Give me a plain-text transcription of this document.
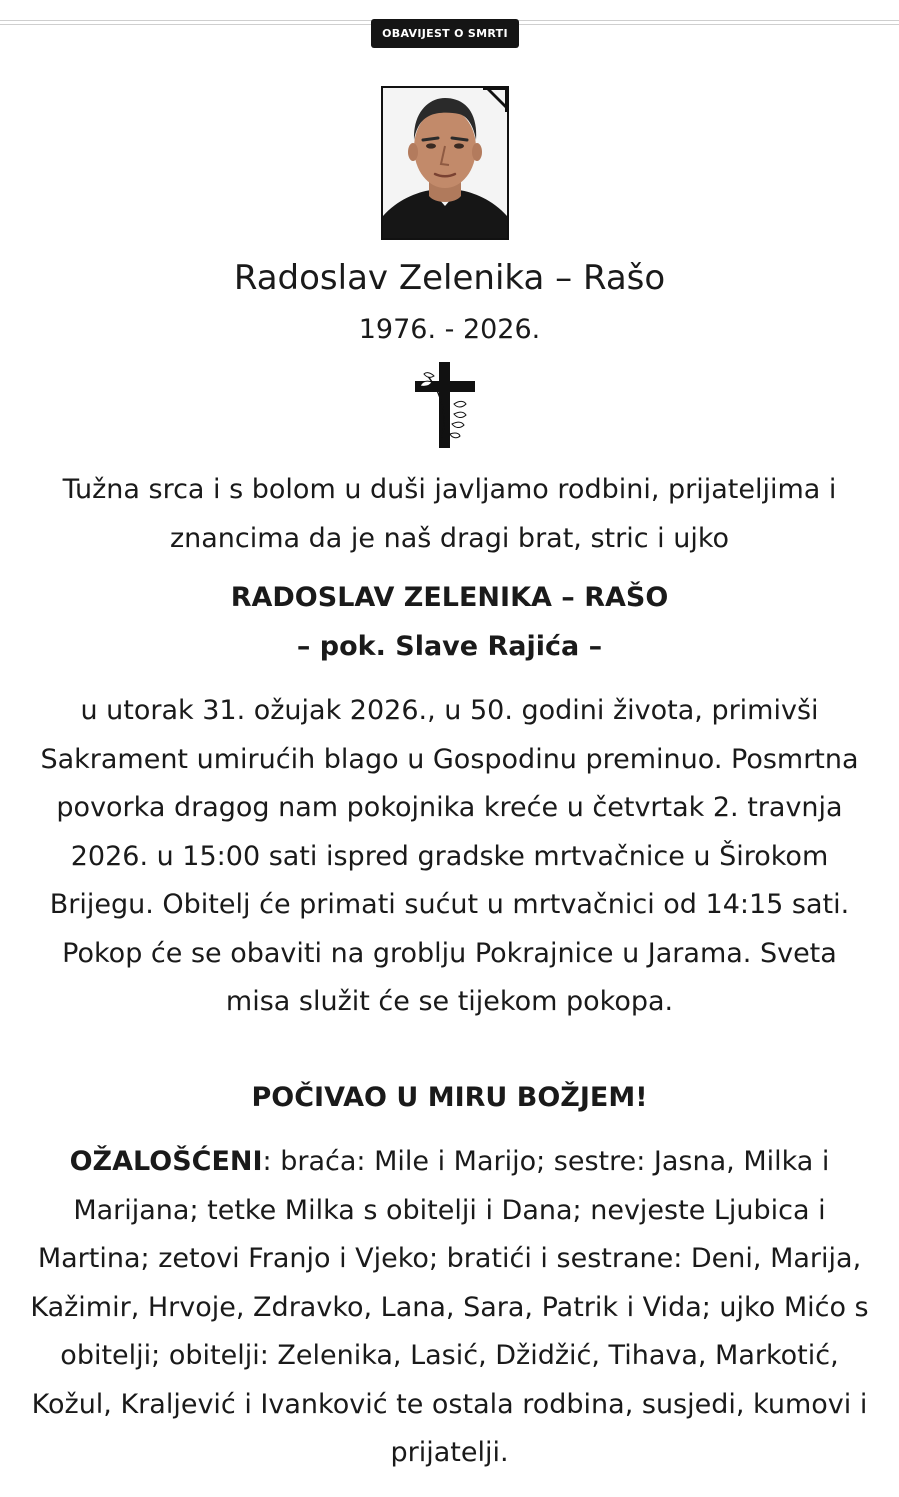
OBAVIJEST O SMRTI
Radoslav Zelenika – Rašo
1976. - 2026.
Tužna srca i s bolom u duši javljamo rodbini, prijateljima i znancima da je naš dragi brat, stric i ujko
RADOSLAV ZELENIKA – RAŠO
– pok. Slave Rajića –
u utorak 31. ožujak 2026., u 50. godini života, primivši Sakrament umirućih blago u Gospodinu preminuo. Posmrtna povorka dragog nam pokojnika kreće u četvrtak 2. travnja 2026. u 15:00 sati ispred gradske mrtvačnice u Širokom Brijegu. Obitelj će primati sućut u mrtvačnici od 14:15 sati. Pokop će se obaviti na groblju Pokrajnice u Jarama. Sveta misa služit će se tijekom pokopa.
POČIVAO U MIRU BOŽJEM!
OŽALOŠĆENI: braća: Mile i Marijo; sestre: Jasna, Milka i Marijana; tetke Milka s obitelji i Dana; nevjeste Ljubica i Martina; zetovi Franjo i Vjeko; bratići i sestrane: Deni, Marija, Kažimir, Hrvoje, Zdravko, Lana, Sara, Patrik i Vida; ujko Mićo s obitelji; obitelji: Zelenika, Lasić, Džidžić, Tihava, Markotić, Kožul, Kraljević i Ivanković te ostala rodbina, susjedi, kumovi i prijatelji.
